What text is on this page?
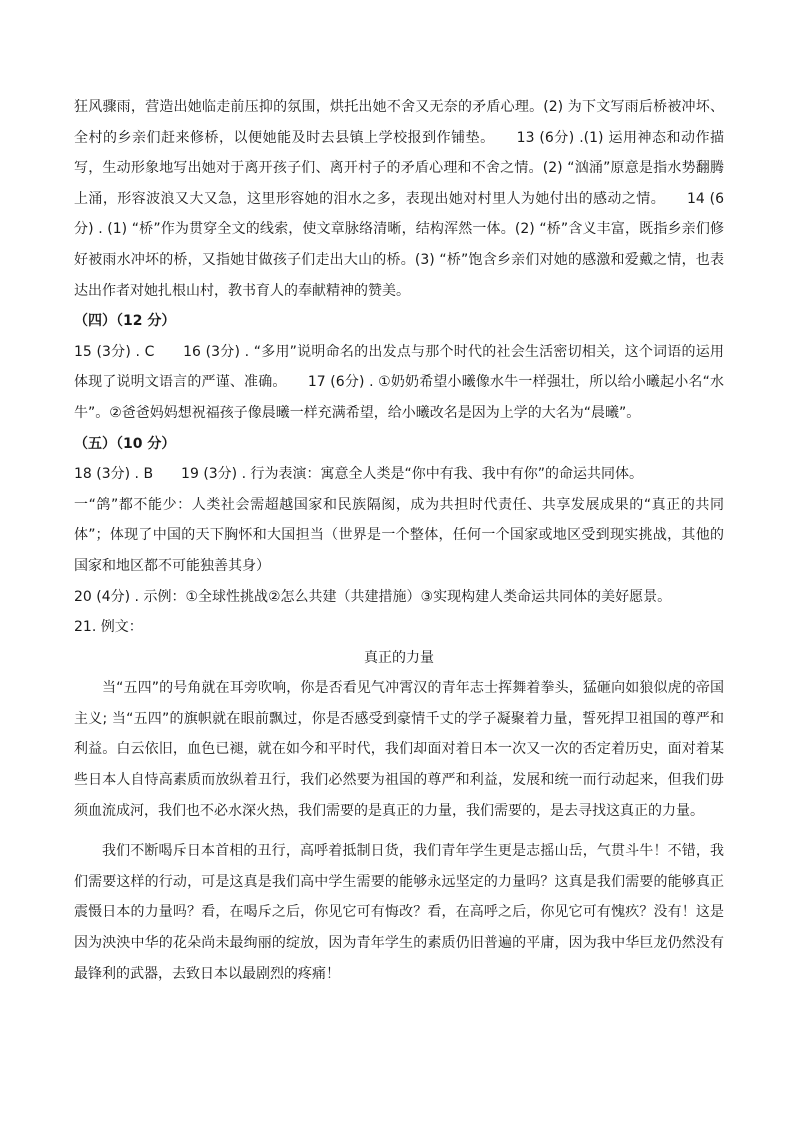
狂风骤雨，营造出她临走前压抑的氛围，烘托出她不舍又无奈的矛盾心理。(2) 为下文写雨后桥被冲坏、全村的乡亲们赶来修桥，以便她能及时去县镇上学校报到作铺垫。　　13 (6分) .(1) 运用神态和动作描写，生动形象地写出她对于离开孩子们、离开村子的矛盾心理和不舍之情。(2) “汹涌”原意是指水势翻腾上涌，形容波浪又大又急，这里形容她的泪水之多，表现出她对村里人为她付出的感动之情。　　14 (6分) . (1) “桥”作为贯穿全文的线索，使文章脉络清晰，结构浑然一体。(2) “桥”含义丰富，既指乡亲们修好被雨水冲坏的桥，又指她甘做孩子们走出大山的桥。(3) “桥”饱含乡亲们对她的感激和爱戴之情，也表达出作者对她扎根山村，教书育人的奉献精神的赞美。

（四）（12 分）

15 (3分) . C　　16 (3分) . “多用”说明命名的出发点与那个时代的社会生活密切相关，这个词语的运用体现了说明文语言的严谨、准确。　　17 (6分) . ①奶奶希望小曦像水牛一样强壮，所以给小曦起小名“水牛”。②爸爸妈妈想祝福孩子像晨曦一样充满希望，给小曦改名是因为上学的大名为“晨曦”。

（五）（10 分）

18 (3分) . B　　19 (3分) . 行为表演：寓意全人类是“你中有我、我中有你”的命运共同体。

一“鸽”都不能少：人类社会需超越国家和民族隔阂，成为共担时代责任、共享发展成果的“真正的共同体”；体现了中国的天下胸怀和大国担当（世界是一个整体，任何一个国家或地区受到现实挑战，其他的国家和地区都不可能独善其身）

20 (4分) . 示例：①全球性挑战②怎么共建（共建措施）③实现构建人类命运共同体的美好愿景。

21. 例文：

真正的力量

当“五四”的号角就在耳旁吹响，你是否看见气冲霄汉的青年志士挥舞着拳头，猛砸向如狼似虎的帝国主义; 当“五四”的旗帜就在眼前飘过，你是否感受到豪情千丈的学子凝聚着力量，誓死捍卫祖国的尊严和利益。白云依旧，血色已褪，就在如今和平时代，我们却面对着日本一次又一次的否定着历史，面对着某些日本人自恃高素质而放纵着丑行，我们必然要为祖国的尊严和利益，发展和统一而行动起来，但我们毋须血流成河，我们也不必水深火热，我们需要的是真正的力量，我们需要的，是去寻找这真正的力量。

我们不断喝斥日本首相的丑行，高呼着抵制日货，我们青年学生更是志摇山岳，气贯斗牛！不错，我们需要这样的行动，可是这真是我们高中学生需要的能够永远坚定的力量吗？这真是我们需要的能够真正震慑日本的力量吗？看，在喝斥之后，你见它可有悔改？看，在高呼之后，你见它可有愧疚？没有！这是因为泱泱中华的花朵尚未最绚丽的绽放，因为青年学生的素质仍旧普遍的平庸，因为我中华巨龙仍然没有最锋利的武器，去致日本以最剧烈的疼痛！
